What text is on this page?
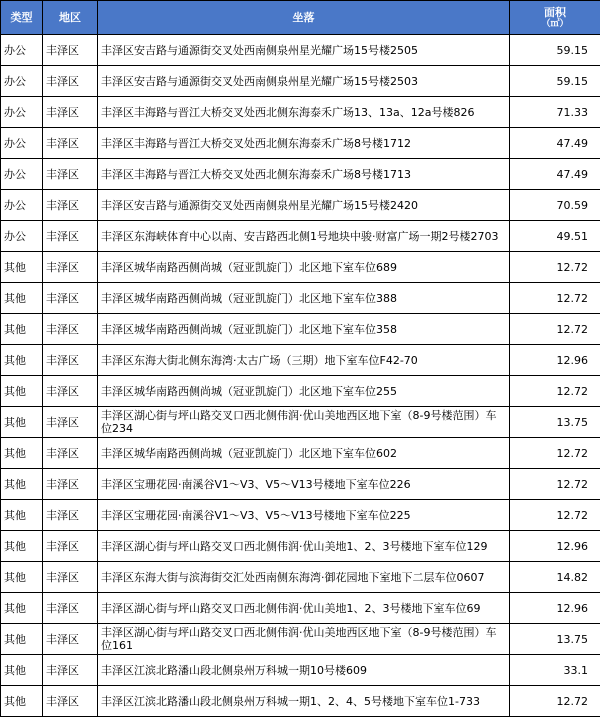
类型	地区	坐落	面积
（㎡）

办公	丰泽区	丰泽区安吉路与通源街交叉处西南侧泉州星光耀广场15号楼2505	59.15
办公	丰泽区	丰泽区安吉路与通源街交叉处西南侧泉州星光耀广场15号楼2503	59.15
办公	丰泽区	丰泽区丰海路与晋江大桥交叉处西北侧东海泰禾广场13、13a、12a号楼826	71.33
办公	丰泽区	丰泽区丰海路与晋江大桥交叉处西北侧东海泰禾广场8号楼1712	47.49
办公	丰泽区	丰泽区丰海路与晋江大桥交叉处西北侧东海泰禾广场8号楼1713	47.49
办公	丰泽区	丰泽区安吉路与通源街交叉处西南侧泉州星光耀广场15号楼2420	70.59
办公	丰泽区	丰泽区东海峡体育中心以南、安吉路西北侧1号地块中骏·财富广场一期2号楼2703	49.51
其他	丰泽区	丰泽区城华南路西侧尚城（冠亚凯旋门）北区地下室车位689	12.72
其他	丰泽区	丰泽区城华南路西侧尚城（冠亚凯旋门）北区地下室车位388	12.72
其他	丰泽区	丰泽区城华南路西侧尚城（冠亚凯旋门）北区地下室车位358	12.72
其他	丰泽区	丰泽区东海大街北侧东海湾·太古广场（三期）地下室车位F42-70	12.96
其他	丰泽区	丰泽区城华南路西侧尚城（冠亚凯旋门）北区地下室车位255	12.72
其他	丰泽区	丰泽区湖心街与坪山路交叉口西北侧伟润·优山美地西区地下室（8-9号楼范围）车位234	13.75
其他	丰泽区	丰泽区城华南路西侧尚城（冠亚凯旋门）北区地下室车位602	12.72
其他	丰泽区	丰泽区宝珊花园·南溪谷V1～V3、V5～V13号楼地下室车位226	12.72
其他	丰泽区	丰泽区宝珊花园·南溪谷V1～V3、V5～V13号楼地下室车位225	12.72
其他	丰泽区	丰泽区湖心街与坪山路交叉口西北侧伟润·优山美地1、2、3号楼地下室车位129	12.96
其他	丰泽区	丰泽区东海大街与滨海街交汇处西南侧东海湾·御花园地下室地下二层车位0607	14.82
其他	丰泽区	丰泽区湖心街与坪山路交叉口西北侧伟润·优山美地1、2、3号楼地下室车位69	12.96
其他	丰泽区	丰泽区湖心街与坪山路交叉口西北侧伟润·优山美地西区地下室（8-9号楼范围）车位161	13.75
其他	丰泽区	丰泽区江滨北路潘山段北侧泉州万科城一期10号楼609	33.1
其他	丰泽区	丰泽区江滨北路潘山段北侧泉州万科城一期1、2、4、5号楼地下室车位1-733	12.72
